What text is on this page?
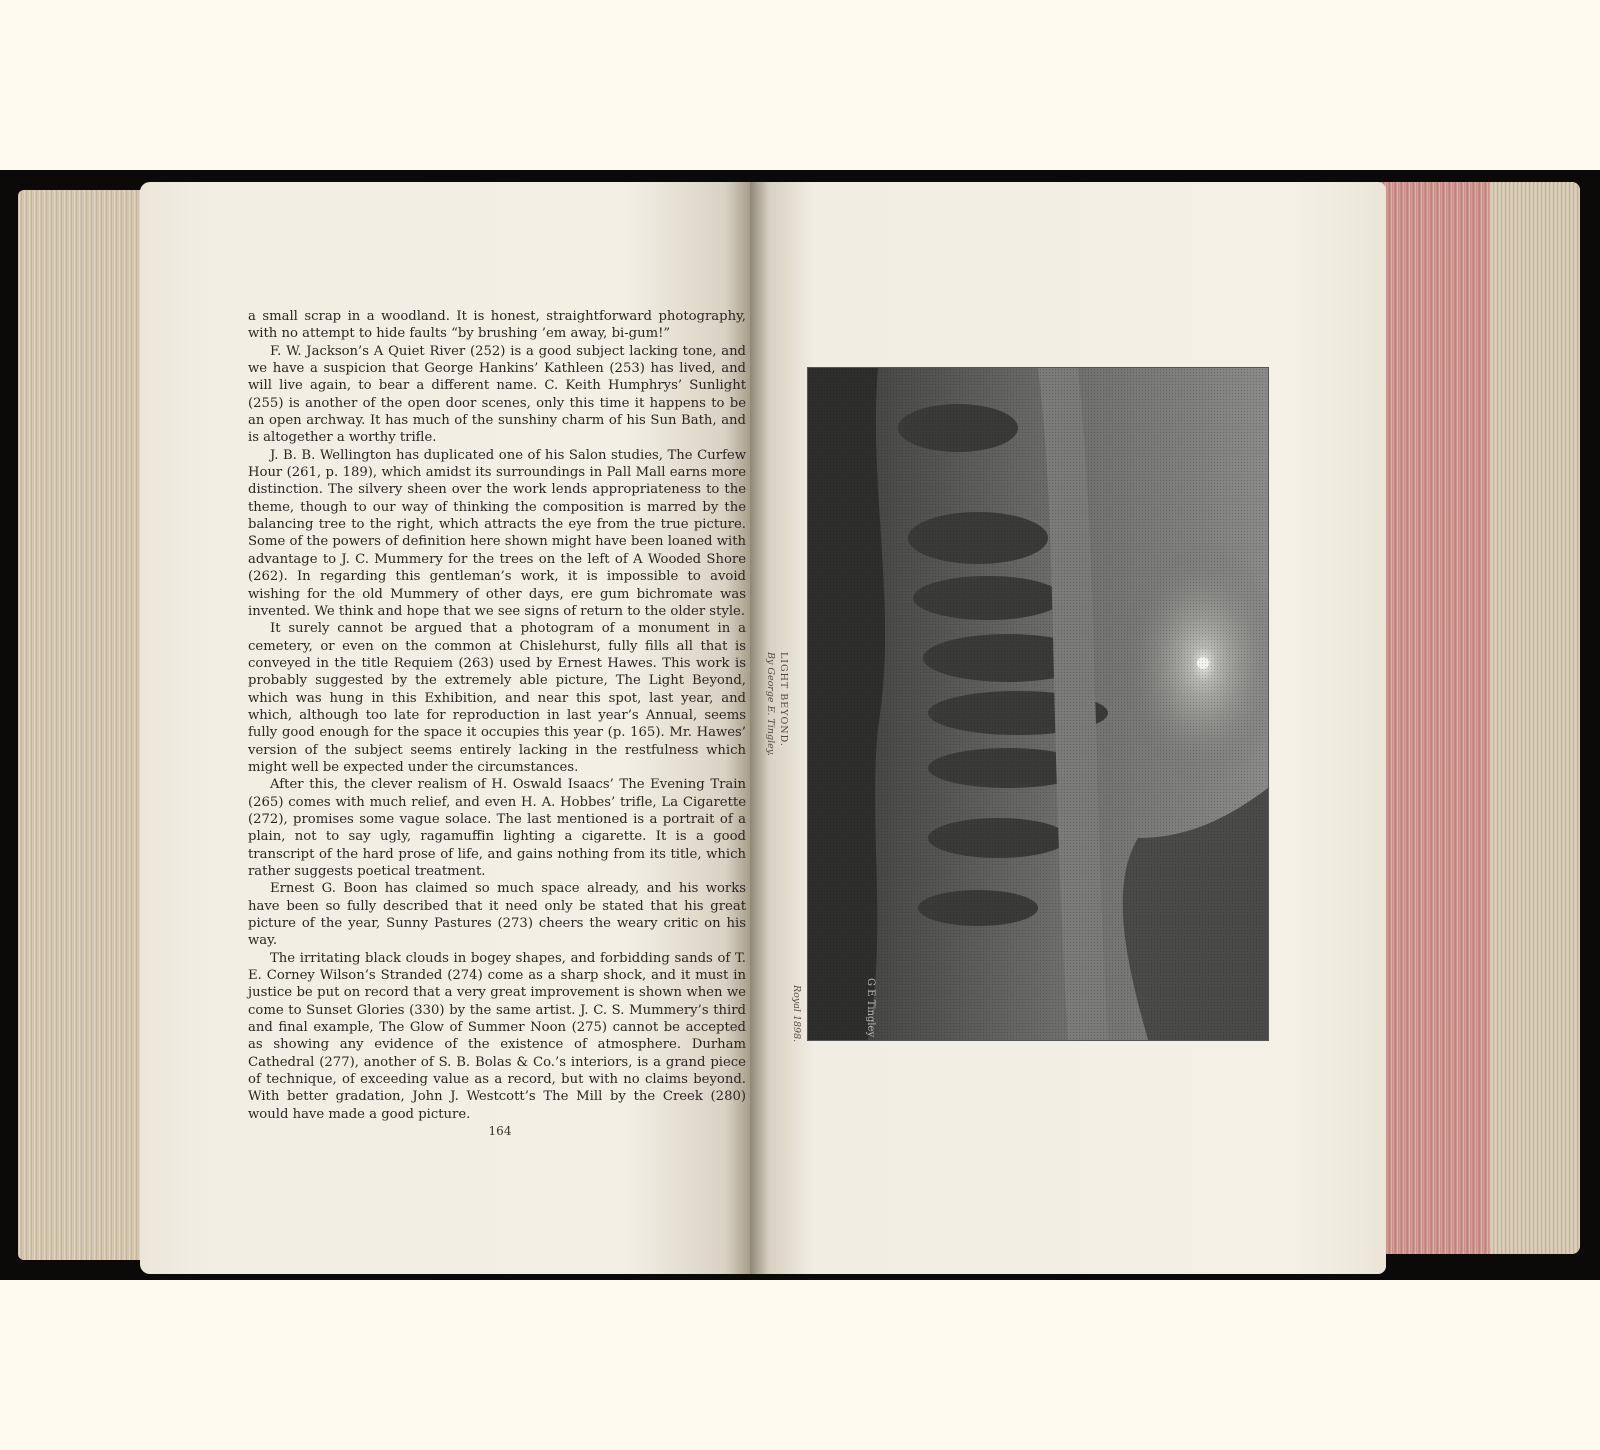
a small scrap in a woodland. It is honest, straightforward photography, with no attempt to hide faults “by brushing ’em away, bi-gum!”

F. W. Jackson’s A Quiet River (252) is a good subject lacking tone, and we have a suspicion that George Hankins’ Kathleen (253) has lived, and will live again, to bear a different name. C. Keith Humphrys’ Sunlight (255) is another of the open door scenes, only this time it happens to be an open archway. It has much of the sunshiny charm of his Sun Bath, and is altogether a worthy trifle.

J. B. B. Wellington has duplicated one of his Salon studies, The Curfew Hour (261, p. 189), which amidst its surroundings in Pall Mall earns more distinction. The silvery sheen over the work lends appropriateness to the theme, though to our way of thinking the composition is marred by the balancing tree to the right, which attracts the eye from the true picture. Some of the powers of definition here shown might have been loaned with advantage to J. C. Mummery for the trees on the left of A Wooded Shore (262). In regarding this gentleman’s work, it is impossible to avoid wishing for the old Mummery of other days, ere gum bichromate was invented. We think and hope that we see signs of return to the older style.

It surely cannot be argued that a photogram of a monument in a cemetery, or even on the common at Chislehurst, fully fills all that is conveyed in the title Requiem (263) used by Ernest Hawes. This work is probably suggested by the extremely able picture, The Light Beyond, which was hung in this Exhibition, and near this spot, last year, and which, although too late for reproduction in last year’s Annual, seems fully good enough for the space it occupies this year (p. 165). Mr. Hawes’ version of the subject seems entirely lacking in the restfulness which might well be expected under the circumstances.

After this, the clever realism of H. Oswald Isaacs’ The Evening Train (265) comes with much relief, and even H. A. Hobbes’ trifle, La Cigarette (272), promises some vague solace. The last mentioned is a portrait of a plain, not to say ugly, ragamuffin lighting a cigarette. It is a good transcript of the hard prose of life, and gains nothing from its title, which rather suggests poetical treatment.

Ernest G. Boon has claimed so much space already, and his works have been so fully described that it need only be stated that his great picture of the year, Sunny Pastures (273) cheers the weary critic on his way.

The irritating black clouds in bogey shapes, and forbidding sands of T. E. Corney Wilson’s Stranded (274) come as a sharp shock, and it must in justice be put on record that a very great improvement is shown when we come to Sunset Glories (330) by the same artist. J. C. S. Mummery’s third and final example, The Glow of Summer Noon (275) cannot be accepted as showing any evidence of the existence of atmosphere. Durham Cathedral (277), another of S. B. Bolas & Co.’s interiors, is a grand piece of technique, of exceeding value as a record, but with no claims beyond. With better gradation, John J. Westcott’s The Mill by the Creek (280) would have made a good picture.

164
LIGHT BEYOND.
By George E. Tingley.
Royal 1898.	G E Tingley
